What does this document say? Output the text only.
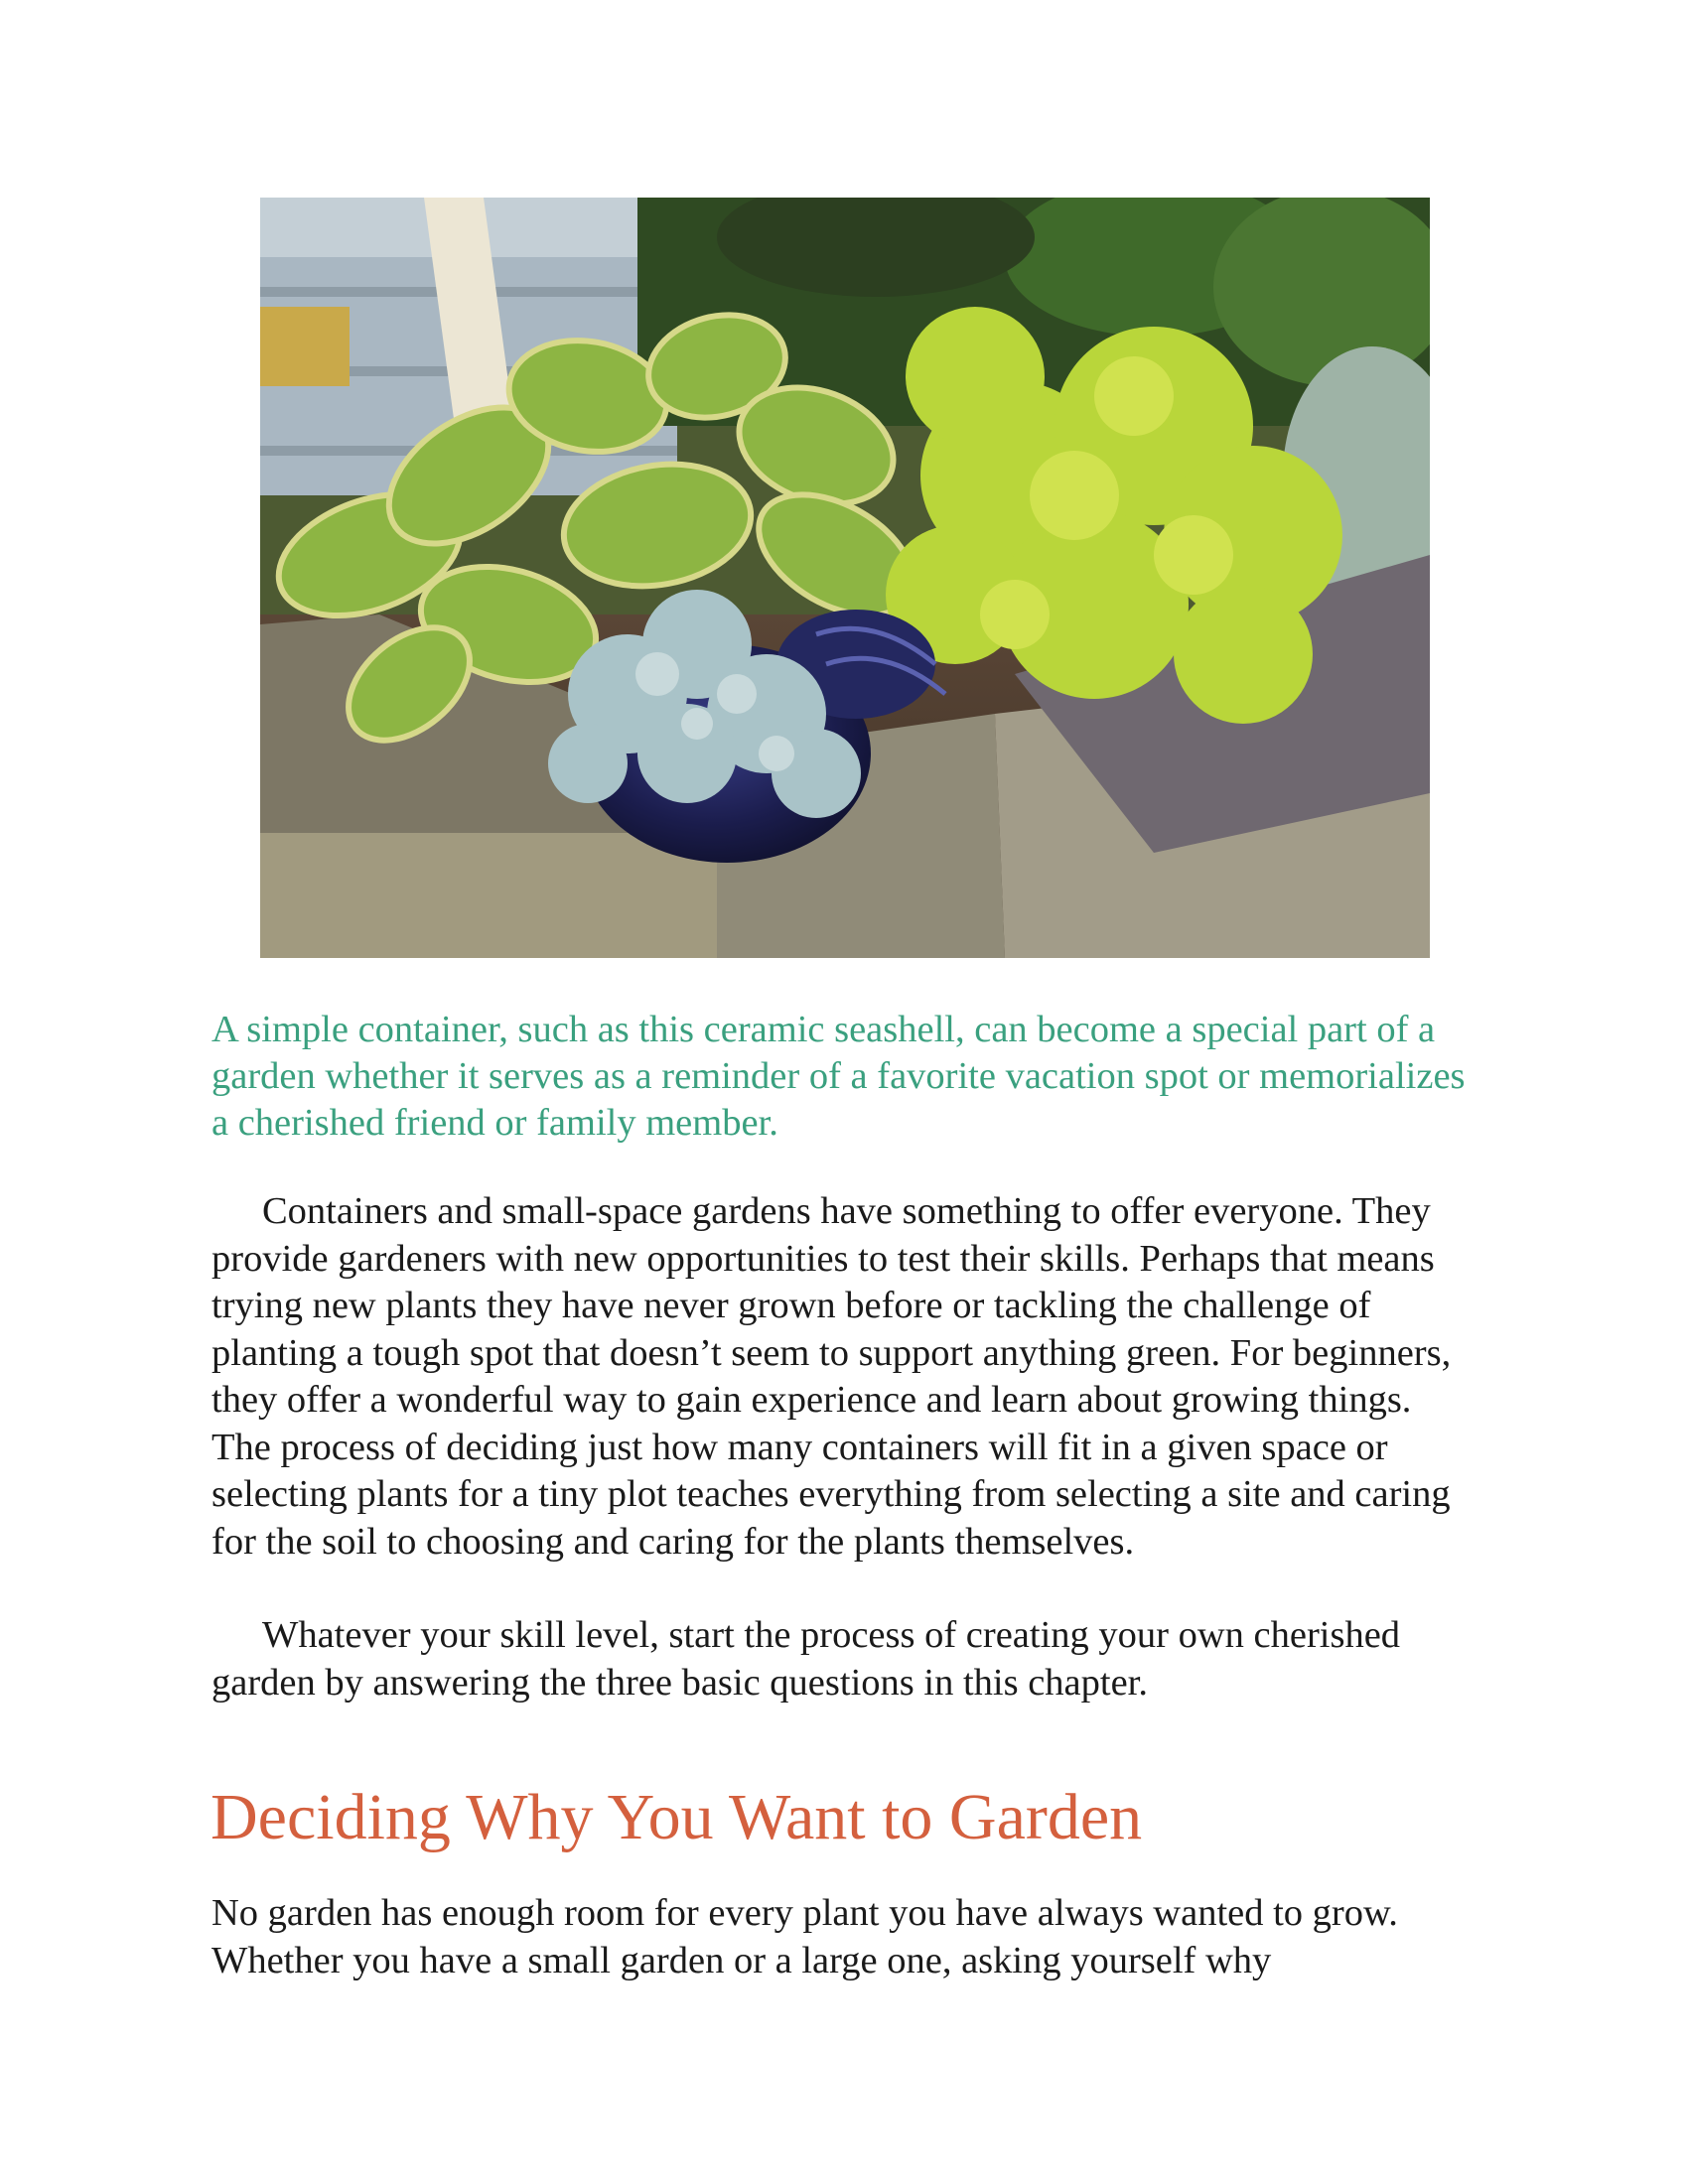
A simple container, such as this ceramic seashell, can become a special part of a garden whether it serves as a reminder of a favorite vacation spot or memorializes a cherished friend or family member.

Containers and small-space gardens have something to offer everyone. They provide gardeners with new opportunities to test their skills. Perhaps that means trying new plants they have never grown before or tackling the challenge of planting a tough spot that doesn’t seem to support anything green. For beginners, they offer a wonderful way to gain experience and learn about growing things. The process of deciding just how many containers will fit in a given space or selecting plants for a tiny plot teaches everything from selecting a site and caring for the soil to choosing and caring for the plants themselves.

Whatever your skill level, start the process of creating your own cherished garden by answering the three basic questions in this chapter.

Deciding Why You Want to Garden

No garden has enough room for every plant you have always wanted to grow. Whether you have a small garden or a large one, asking yourself why
